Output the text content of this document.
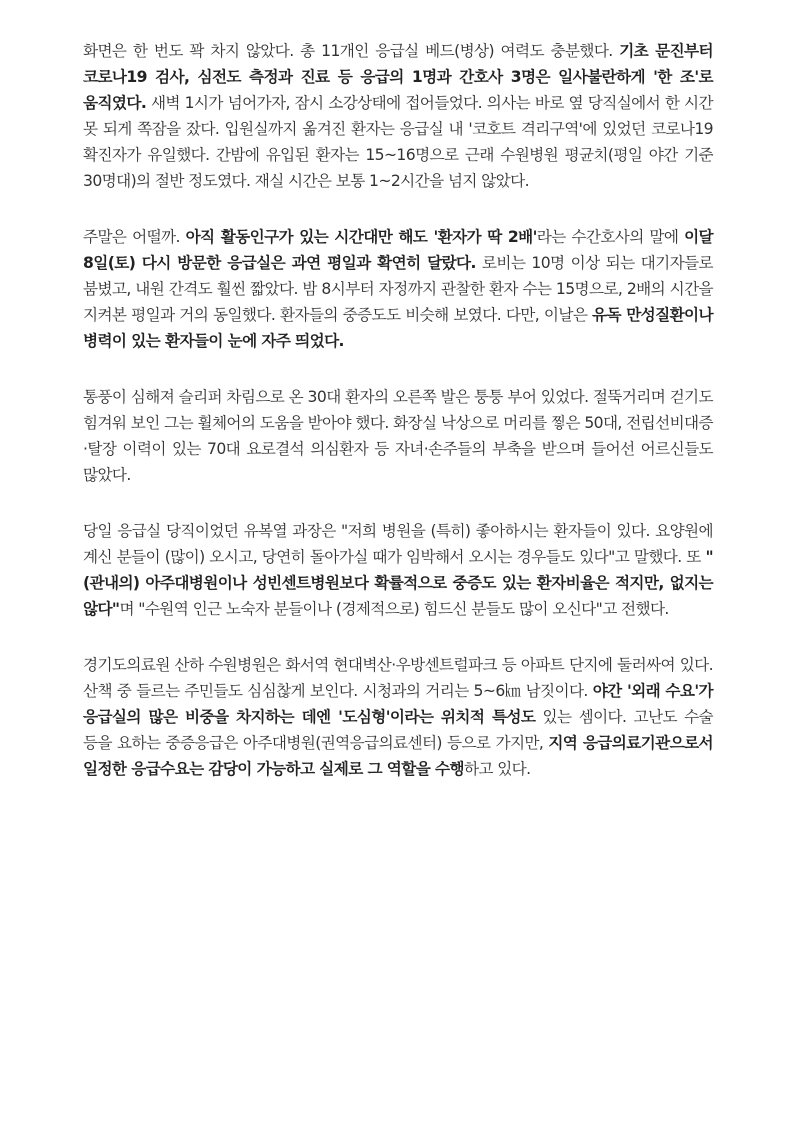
화면은 한 번도 꽉 차지 않았다. 총 11개인 응급실 베드(병상) 여력도 충분했다. 기초 문진부터 코로나19 검사, 심전도 측정과 진료 등 응급의 1명과 간호사 3명은 일사불란하게 '한 조'로 움직였다. 새벽 1시가 넘어가자, 잠시 소강상태에 접어들었다. 의사는 바로 옆 당직실에서 한 시간 못 되게 쪽잠을 잤다. 입원실까지 옮겨진 환자는 응급실 내 '코호트 격리구역'에 있었던 코로나19 확진자가 유일했다. 간밤에 유입된 환자는 15~16명으로 근래 수원병원 평균치(평일 야간 기준 30명대)의 절반 정도였다. 재실 시간은 보통 1~2시간을 넘지 않았다.

주말은 어떨까. 아직 활동인구가 있는 시간대만 해도 '환자가 딱 2배'라는 수간호사의 말에 이달 8일(토) 다시 방문한 응급실은 과연 평일과 확연히 달랐다. 로비는 10명 이상 되는 대기자들로 붐볐고, 내원 간격도 훨씬 짧았다. 밤 8시부터 자정까지 관찰한 환자 수는 15명으로, 2배의 시간을 지켜본 평일과 거의 동일했다. 환자들의 중증도도 비슷해 보였다. 다만, 이날은 유독 만성질환이나 병력이 있는 환자들이 눈에 자주 띄었다.

통풍이 심해져 슬리퍼 차림으로 온 30대 환자의 오른쪽 발은 퉁퉁 부어 있었다. 절뚝거리며 걷기도 힘겨워 보인 그는 휠체어의 도움을 받아야 했다. 화장실 낙상으로 머리를 찧은 50대, 전립선비대증·탈장 이력이 있는 70대 요로결석 의심환자 등 자녀·손주들의 부축을 받으며 들어선 어르신들도 많았다.

당일 응급실 당직이었던 유복열 과장은 "저희 병원을 (특히) 좋아하시는 환자들이 있다. 요양원에 계신 분들이 (많이) 오시고, 당연히 돌아가실 때가 임박해서 오시는 경우들도 있다"고 말했다. 또 "(관내의) 아주대병원이나 성빈센트병원보다 확률적으로 중증도 있는 환자비율은 적지만, 없지는 않다"며 "수원역 인근 노숙자 분들이나 (경제적으로) 힘드신 분들도 많이 오신다"고 전했다.

경기도의료원 산하 수원병원은 화서역 현대벽산·우방센트럴파크 등 아파트 단지에 둘러싸여 있다. 산책 중 들르는 주민들도 심심찮게 보인다. 시청과의 거리는 5~6㎞ 남짓이다. 야간 '외래 수요'가 응급실의 많은 비중을 차지하는 데엔 '도심형'이라는 위치적 특성도 있는 셈이다. 고난도 수술 등을 요하는 중증응급은 아주대병원(권역응급의료센터) 등으로 가지만, 지역 응급의료기관으로서 일정한 응급수요는 감당이 가능하고 실제로 그 역할을 수행하고 있다.
